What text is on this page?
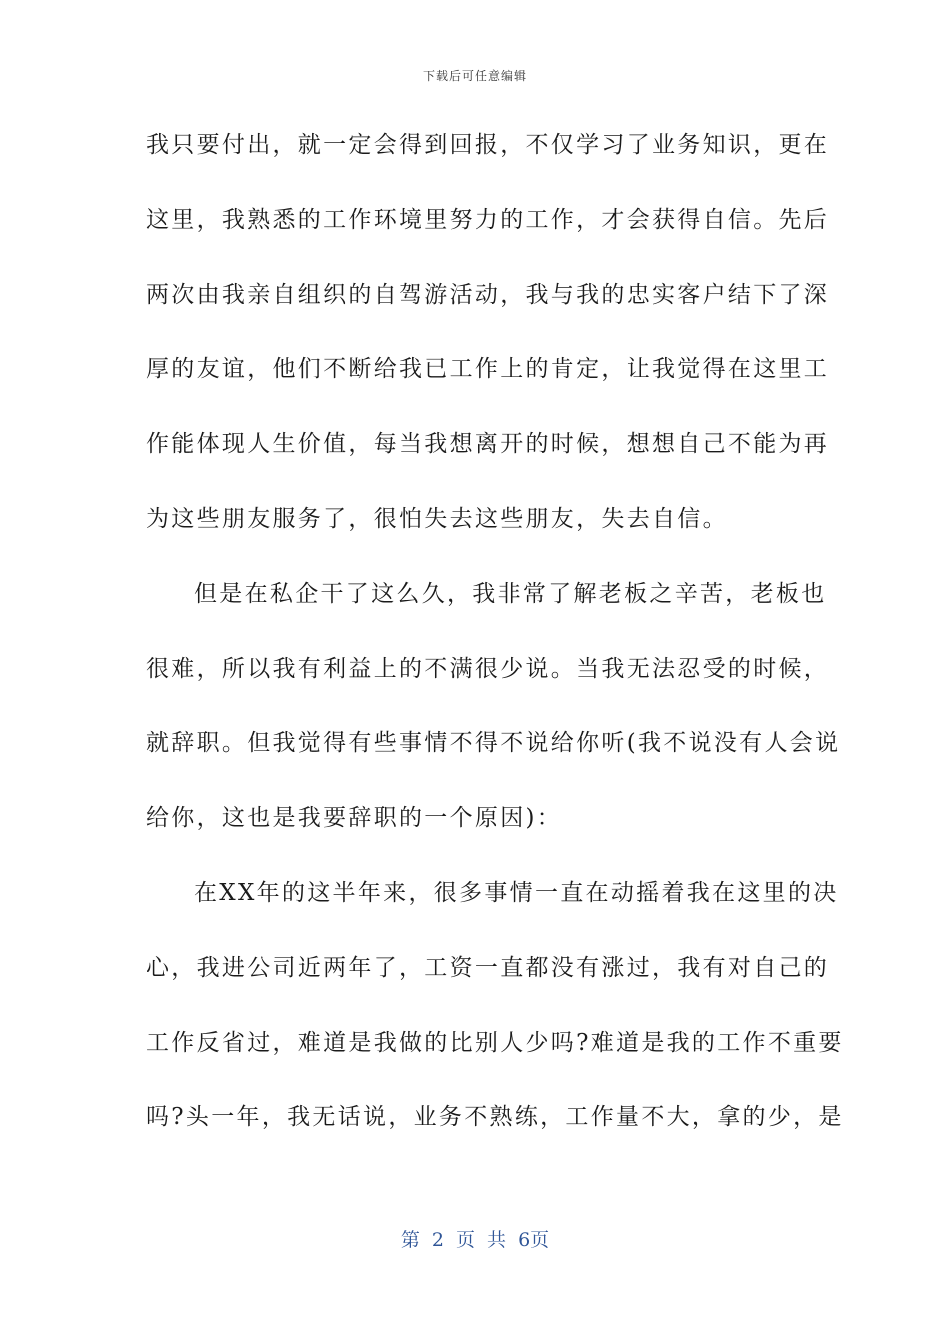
下载后可任意编辑
我只要付出，就一定会得到回报，不仅学习了业务知识，更在
这里，我熟悉的工作环境里努力的工作，才会获得自信。先后
两次由我亲自组织的自驾游活动，我与我的忠实客户结下了深
厚的友谊，他们不断给我已工作上的肯定，让我觉得在这里工
作能体现人生价值，每当我想离开的时候，想想自己不能为再
为这些朋友服务了，很怕失去这些朋友，失去自信。
但是在私企干了这么久，我非常了解老板之辛苦，老板也
很难，所以我有利益上的不满很少说。当我无法忍受的时候，
就辞职。但我觉得有些事情不得不说给你听(我不说没有人会说
给你，这也是我要辞职的一个原因)：
在XX年的这半年来，很多事情一直在动摇着我在这里的决
心，我进公司近两年了，工资一直都没有涨过，我有对自己的
工作反省过，难道是我做的比别人少吗?难道是我的工作不重要
吗?头一年，我无话说，业务不熟练，工作量不大，拿的少，是
第 2 页 共 6页
